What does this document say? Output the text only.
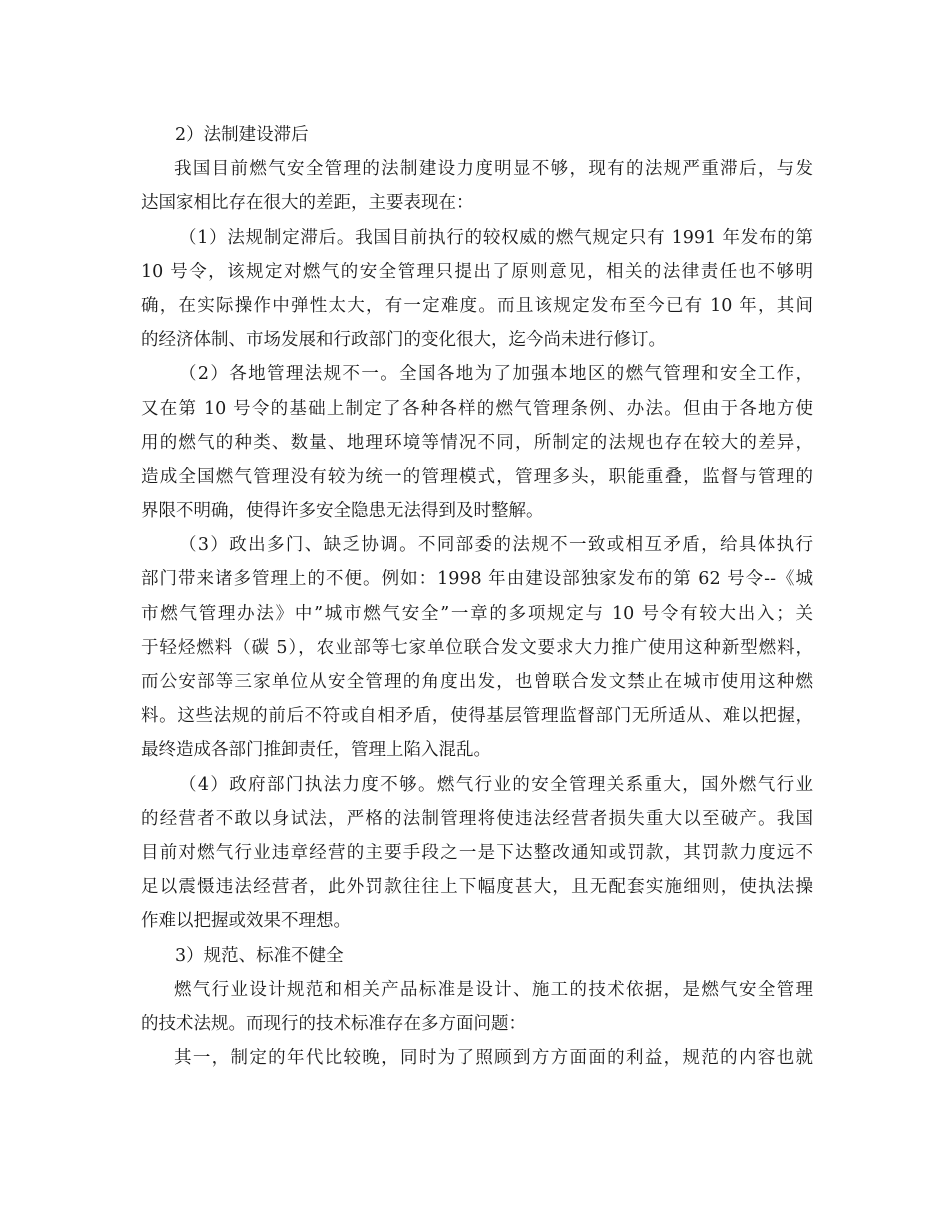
2）法制建设滞后
我国目前燃气安全管理的法制建设力度明显不够，现有的法规严重滞后，与发
达国家相比存在很大的差距，主要表现在：
（1）法规制定滞后。我国目前执行的较权威的燃气规定只有 1991 年发布的第
10 号令，该规定对燃气的安全管理只提出了原则意见，相关的法律责任也不够明
确，在实际操作中弹性太大，有一定难度。而且该规定发布至今已有 10 年，其间
的经济体制、市场发展和行政部门的变化很大，迄今尚未进行修订。
（2）各地管理法规不一。全国各地为了加强本地区的燃气管理和安全工作，
又在第 10 号令的基础上制定了各种各样的燃气管理条例、办法。但由于各地方使
用的燃气的种类、数量、地理环境等情况不同，所制定的法规也存在较大的差异，
造成全国燃气管理没有较为统一的管理模式，管理多头，职能重叠，监督与管理的
界限不明确，使得许多安全隐患无法得到及时整解。
（3）政出多门、缺乏协调。不同部委的法规不一致或相互矛盾，给具体执行
部门带来诸多管理上的不便。例如：1998 年由建设部独家发布的第 62 号令--《城
市燃气管理办法》中”城市燃气安全”一章的多项规定与 10 号令有较大出入；关
于轻烃燃料（碳 5），农业部等七家单位联合发文要求大力推广使用这种新型燃料，
而公安部等三家单位从安全管理的角度出发，也曾联合发文禁止在城市使用这种燃
料。这些法规的前后不符或自相矛盾，使得基层管理监督部门无所适从、难以把握，
最终造成各部门推卸责任，管理上陷入混乱。
（4）政府部门执法力度不够。燃气行业的安全管理关系重大，国外燃气行业
的经营者不敢以身试法，严格的法制管理将使违法经营者损失重大以至破产。我国
目前对燃气行业违章经营的主要手段之一是下达整改通知或罚款，其罚款力度远不
足以震慑违法经营者，此外罚款往往上下幅度甚大，且无配套实施细则，使执法操
作难以把握或效果不理想。
3）规范、标准不健全
燃气行业设计规范和相关产品标准是设计、施工的技术依据，是燃气安全管理
的技术法规。而现行的技术标准存在多方面问题：
其一，制定的年代比较晚，同时为了照顾到方方面面的利益，规范的内容也就
